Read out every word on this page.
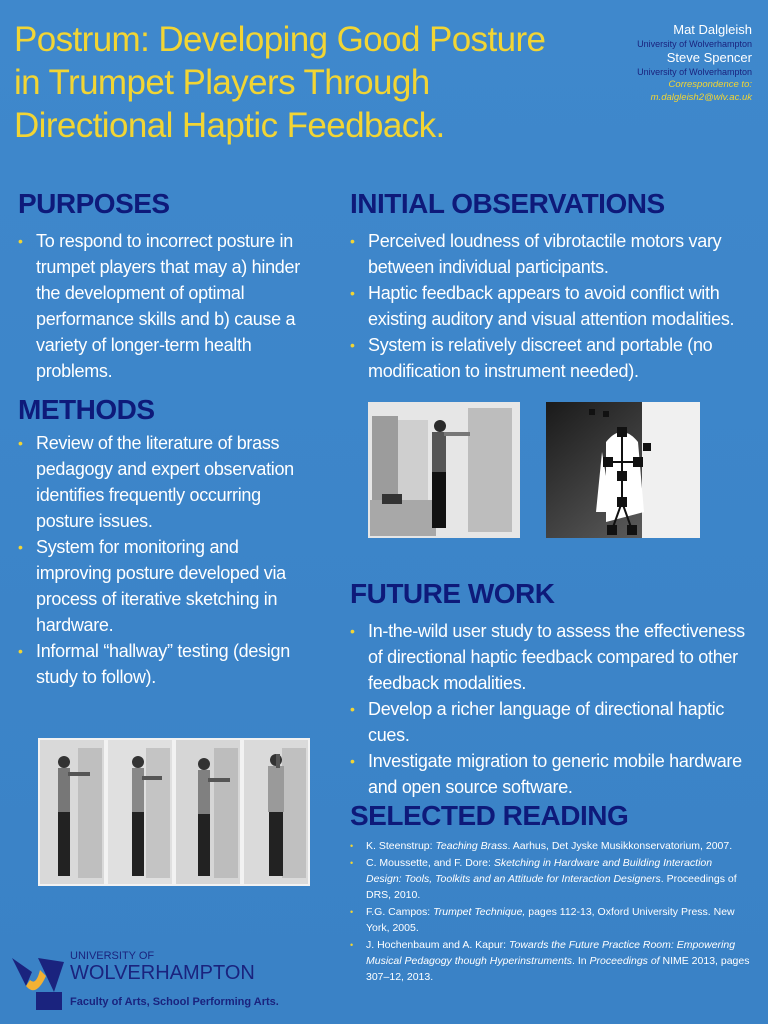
Postrum: Developing Good Posture in Trumpet Players Through Directional Haptic Feedback.
Mat Dalgleish
University of Wolverhampton
Steve Spencer
University of Wolverhampton
Correspondence to:
m.dalgleish2@wlv.ac.uk
PURPOSES
• To respond to incorrect posture in trumpet players that may a) hinder the development of optimal performance skills and b) cause a variety of longer-term health problems.
METHODS
• Review of the literature of brass pedagogy and expert observation identifies frequently occurring posture issues.
• System for monitoring and improving posture developed via process of iterative sketching in hardware.
• Informal “hallway” testing (design study to follow).
INITIAL OBSERVATIONS
• Perceived loudness of vibrotactile motors vary between individual participants.
• Haptic feedback appears to avoid conflict with existing auditory and visual attention modalities.
• System is relatively discreet and portable (no modification to instrument needed).
FUTURE WORK
• In-the-wild user study to assess the effectiveness of directional haptic feedback compared to other feedback modalities.
• Develop a richer language of directional haptic cues.
• Investigate migration to generic mobile hardware and open source software.
SELECTED READING
• K. Steenstrup: Teaching Brass. Aarhus, Det Jyske Musikkonservatorium, 2007.
• C. Moussette, and F. Dore: Sketching in Hardware and Building Interaction Design: Tools, Toolkits and an Attitude for Interaction Designers. Proceedings of DRS, 2010.
• F.G. Campos: Trumpet Technique, pages 112-13, Oxford University Press. New York, 2005.
• J. Hochenbaum and A. Kapur: Towards the Future Practice Room: Empowering Musical Pedagogy though Hyperinstruments. In Proceedings of NIME 2013, pages 307–12, 2013.
UNIVERSITY OF
WOLVERHAMPTON
Faculty of Arts, School Performing Arts.
